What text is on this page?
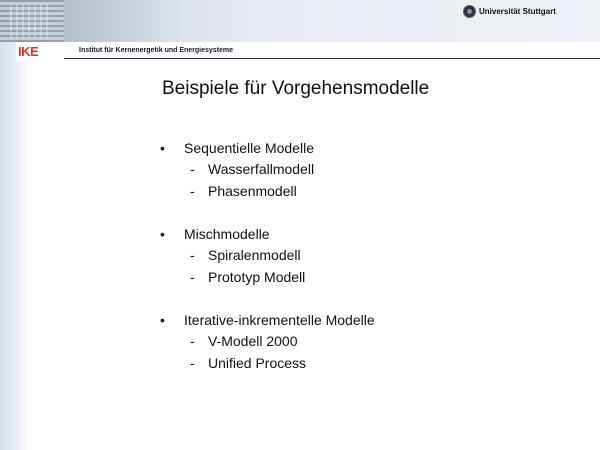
Universität Stuttgart
IKE	Institut für Kernenergetik und Energiesysteme
Beispiele für Vorgehensmodelle
•	Sequentielle Modelle
- Wasserfallmodell
- Phasenmodell
•	Mischmodelle
- Spiralenmodell
- Prototyp Modell
•	Iterative-inkrementelle Modelle
- V-Modell 2000
- Unified Process
